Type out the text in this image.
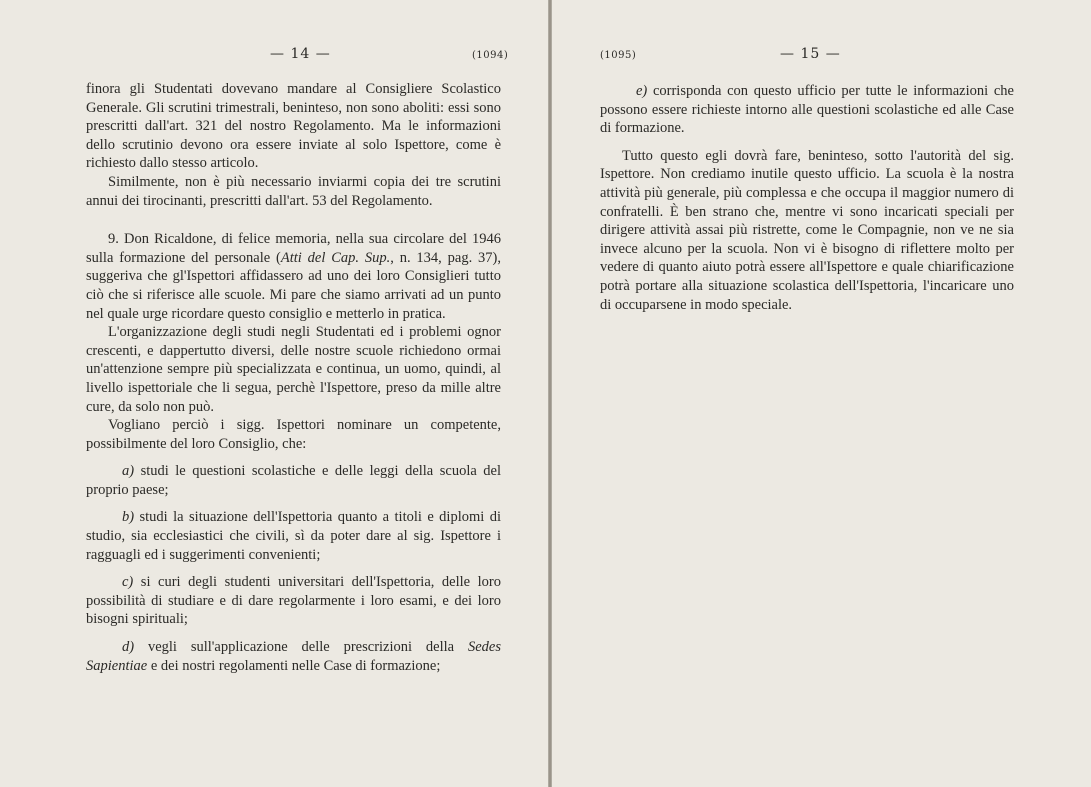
— 14 —	(1094)

finora gli Studentati dovevano mandare al Consigliere Scolastico Generale. Gli scrutini trimestrali, beninteso, non sono aboliti: essi sono prescritti dall'art. 321 del nostro Regolamento. Ma le informazioni dello scrutinio devono ora essere inviate al solo Ispettore, come è richiesto dallo stesso articolo.

Similmente, non è più necessario inviarmi copia dei tre scrutini annui dei tirocinanti, prescritti dall'art. 53 del Regolamento.

9. Don Ricaldone, di felice memoria, nella sua circolare del 1946 sulla formazione del personale (Atti del Cap. Sup., n. 134, pag. 37), suggeriva che gl'Ispettori affidassero ad uno dei loro Consiglieri tutto ciò che si riferisce alle scuole. Mi pare che siamo arrivati ad un punto nel quale urge ricordare questo consiglio e metterlo in pratica.

L'organizzazione degli studi negli Studentati ed i problemi ognor crescenti, e dappertutto diversi, delle nostre scuole richiedono ormai un'attenzione sempre più specializzata e continua, un uomo, quindi, al livello ispettoriale che li segua, perchè l'Ispettore, preso da mille altre cure, da solo non può.

Vogliano perciò i sigg. Ispettori nominare un competente, possibilmente del loro Consiglio, che:

a) studi le questioni scolastiche e delle leggi della scuola del proprio paese;

b) studi la situazione dell'Ispettoria quanto a titoli e diplomi di studio, sia ecclesiastici che civili, sì da poter dare al sig. Ispettore i ragguagli ed i suggerimenti convenienti;

c) si curi degli studenti universitari dell'Ispettoria, delle loro possibilità di studiare e di dare regolarmente i loro esami, e dei loro bisogni spirituali;

d) vegli sull'applicazione delle prescrizioni della Sedes Sapientiae e dei nostri regolamenti nelle Case di formazione;

(1095)	— 15 —

e) corrisponda con questo ufficio per tutte le informazioni che possono essere richieste intorno alle questioni scolastiche ed alle Case di formazione.

Tutto questo egli dovrà fare, beninteso, sotto l'autorità del sig. Ispettore. Non crediamo inutile questo ufficio. La scuola è la nostra attività più generale, più complessa e che occupa il maggior numero di confratelli. È ben strano che, mentre vi sono incaricati speciali per dirigere attività assai più ristrette, come le Compagnie, non ve ne sia invece alcuno per la scuola. Non vi è bisogno di riflettere molto per vedere di quanto aiuto potrà essere all'Ispettore e quale chiarificazione potrà portare alla situazione scolastica dell'Ispettoria, l'incaricare uno di occuparsene in modo speciale.
